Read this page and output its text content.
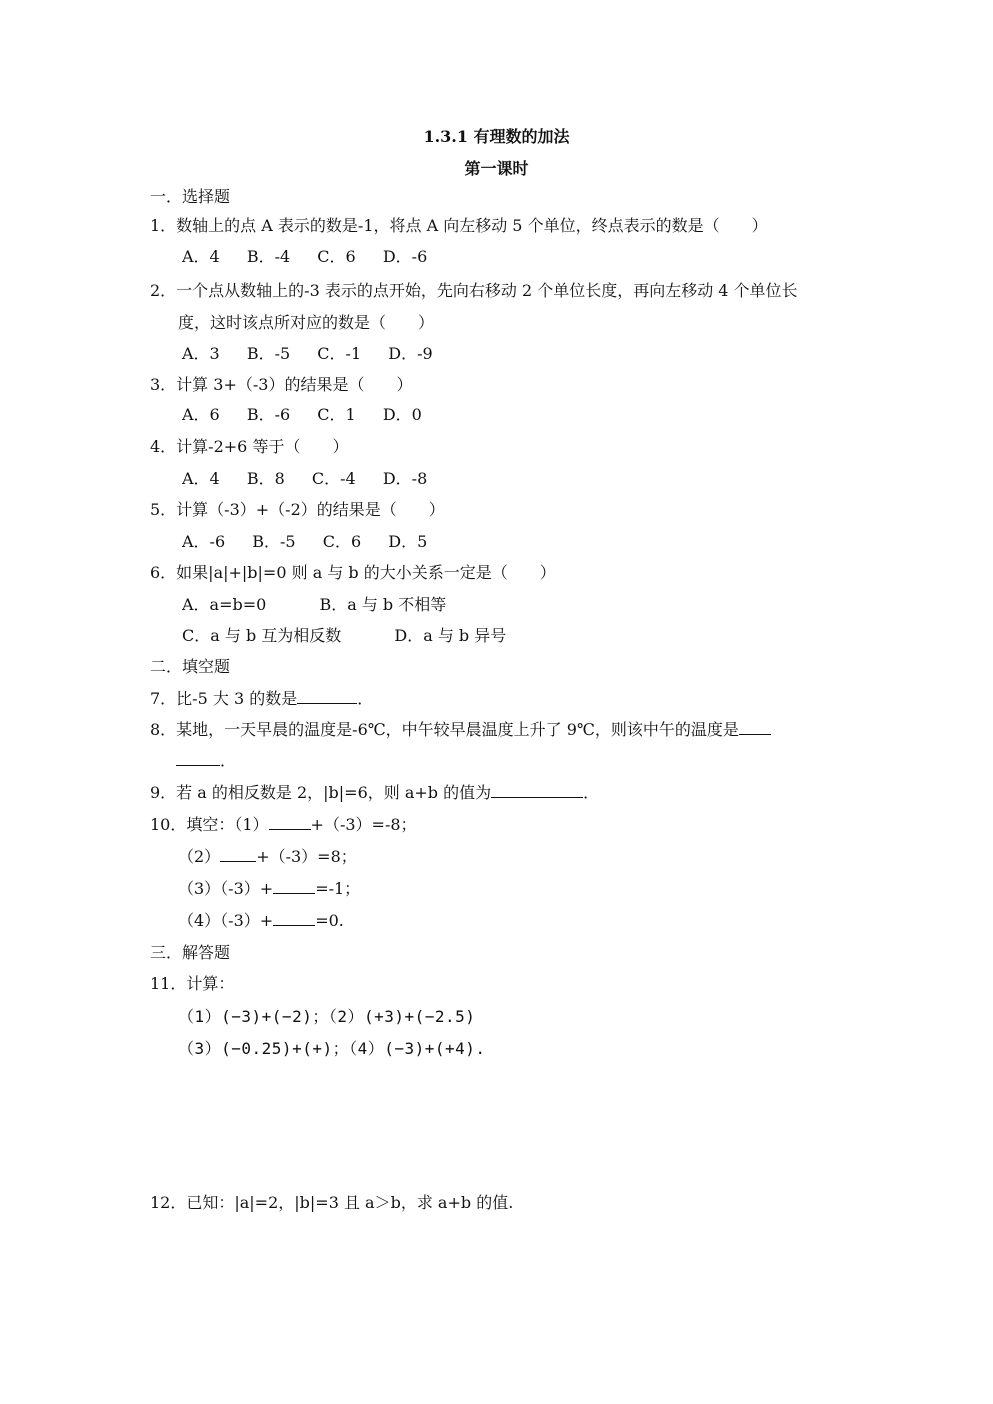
1.3.1 有理数的加法
第一课时
一．选择题
1．数轴上的点 A 表示的数是-1，将点 A 向左移动 5 个单位，终点表示的数是（　　）
A．4 B．-4 C．6 D．-6
2．一个点从数轴上的-3 表示的点开始，先向右移动 2 个单位长度，再向左移动 4 个单位长
度，这时该点所对应的数是（　　）
A．3 B．-5 C．-1 D．-9
3．计算 3+（-3）的结果是（　　）
A．6 B．-6 C．1 D．0
4．计算-2+6 等于（　　）
A．4 B．8 C．-4 D．-8
5．计算（-3）+（-2）的结果是（　　）
A．-6 B．-5 C．6 D．5
6．如果|a|+|b|=0 则 a 与 b 的大小关系一定是（　　）
A．a=b=0	B．a 与 b 不相等
C．a 与 b 互为相反数	D．a 与 b 异号
二．填空题
7．比-5 大 3 的数是	．
8．某地，一天早晨的温度是-6℃，中午较早晨温度上升了 9℃，则该中午的温度是
．
9．若 a 的相反数是 2，|b|=6，则 a+b 的值为	．
10．填空：（1）	+（-3）=-8；
（2） +（-3）=8；
（3）（-3）+	=-1；
（4）（-3）+	=0.
三．解答题
11．计算：
（1）(−3)+(−2)；（2）(+3)+(−2.5)
（3）(−0.25)+(+)；（4）(−3)+(+4).
12．已知：|a|=2，|b|=3 且 a＞b，求 a+b 的值.
